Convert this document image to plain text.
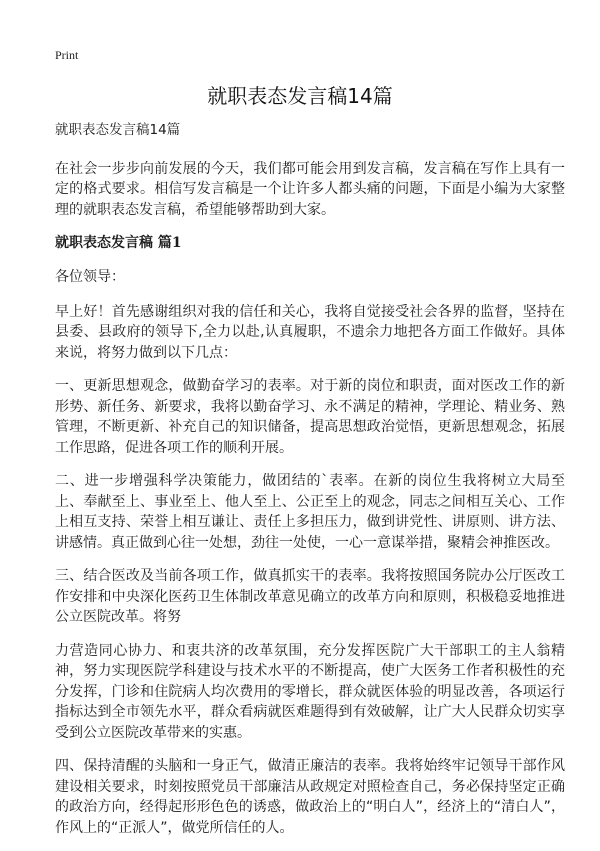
Print
就职表态发言稿14篇

就职表态发言稿14篇

在社会一步步向前发展的今天，我们都可能会用到发言稿，发言稿在写作上具有一定的格式要求。相信写发言稿是一个让许多人都头痛的问题，下面是小编为大家整理的就职表态发言稿，希望能够帮助到大家。

就职表态发言稿 篇1

各位领导：

早上好！首先感谢组织对我的信任和关心，我将自觉接受社会各界的监督，坚持在县委、县政府的领导下,全力以赴,认真履职，不遗余力地把各方面工作做好。具体来说，将努力做到以下几点：

一、更新思想观念，做勤奋学习的表率。对于新的岗位和职责，面对医改工作的新形势、新任务、新要求，我将以勤奋学习、永不满足的精神，学理论、精业务、熟管理，不断更新、补充自己的知识储备，提高思想政治觉悟，更新思想观念，拓展工作思路，促进各项工作的顺利开展。

二、进一步增强科学决策能力，做团结的`表率。在新的岗位生我将树立大局至上、奉献至上、事业至上、他人至上、公正至上的观念，同志之间相互关心、工作上相互支持、荣誉上相互谦让、责任上多担压力，做到讲党性、讲原则、讲方法、讲感情。真正做到心往一处想，劲往一处使，一心一意谋举措，聚精会神推医改。

三、结合医改及当前各项工作，做真抓实干的表率。我将按照国务院办公厅医改工作安排和中央深化医药卫生体制改革意见确立的改革方向和原则，积极稳妥地推进公立医院改革。将努

力营造同心协力、和衷共济的改革氛围，充分发挥医院广大干部职工的主人翁精神，努力实现医院学科建设与技术水平的不断提高，使广大医务工作者积极性的充分发挥，门诊和住院病人均次费用的零增长，群众就医体验的明显改善，各项运行指标达到全市领先水平，群众看病就医难题得到有效破解，让广大人民群众切实享受到公立医院改革带来的实惠。

四、保持清醒的头脑和一身正气，做清正廉洁的表率。我将始终牢记领导干部作风建设相关要求，时刻按照党员干部廉洁从政规定对照检查自己，务必保持坚定正确的政治方向，经得起形形色色的诱惑，做政治上的“明白人”，经济上的“清白人”，作风上的“正派人”，做党所信任的人。
